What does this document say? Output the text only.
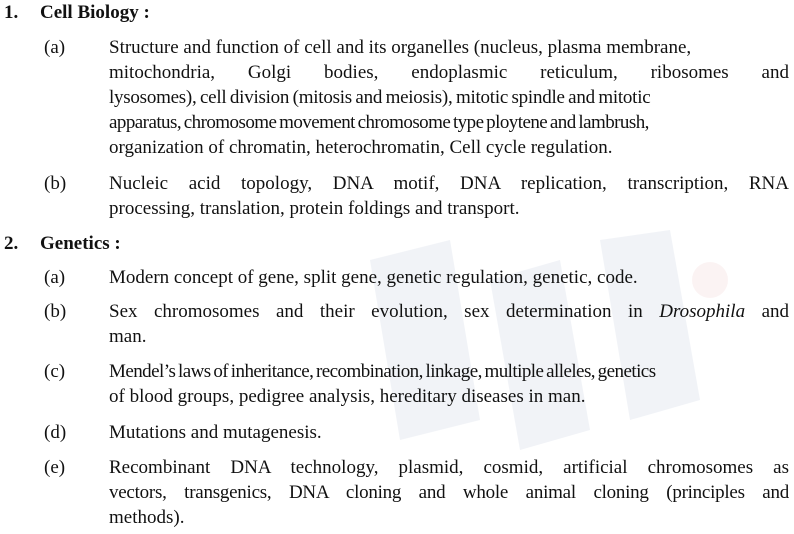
1. Cell Biology :
(a) Structure and function of cell and its organelles (nucleus, plasma membrane,
mitochondria, Golgi bodies, endoplasmic reticulum, ribosomes and
lysosomes), cell division (mitosis and meiosis), mitotic spindle and mitotic
apparatus, chromosome movement chromosome type ploytene and lambrush,
organization of chromatin, heterochromatin, Cell cycle regulation.
(b) Nucleic acid topology, DNA motif, DNA replication, transcription, RNA
processing, translation, protein foldings and transport.
2. Genetics :
(a) Modern concept of gene, split gene, genetic regulation, genetic, code.
(b) Sex chromosomes and their evolution, sex determination in Drosophila and
man.
(c) Mendel’s laws of inheritance, recombination, linkage, multiple alleles, genetics
of blood groups, pedigree analysis, hereditary diseases in man.
(d) Mutations and mutagenesis.
(e) Recombinant DNA technology, plasmid, cosmid, artificial chromosomes as
vectors, transgenics, DNA cloning and whole animal cloning (principles and
methods).
